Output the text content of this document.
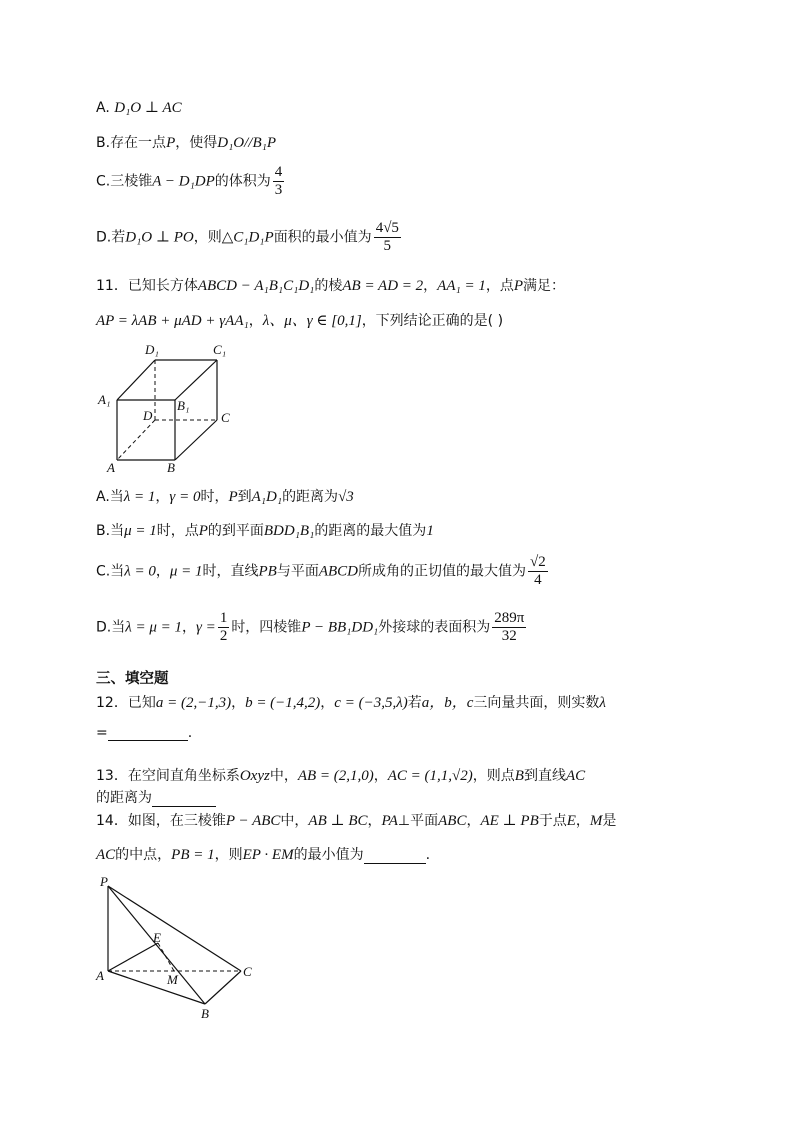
A. D₁O ⊥ AC
B.存在一点P，使得D₁O//B₁P
C.三棱锥A − D₁DP的体积为 $\frac{4}{3}$
D.若D₁O ⊥ PO，则△C₁D₁P面积的最小值为 $\frac{4√5}{5}$
11．已知长方体ABCD − A₁B₁C₁D₁的棱AB = AD = 2，AA₁ = 1，点P满足：
AP = λAB + μAD + γAA₁，λ、μ、γ ∈ [0,1]，下列结论正确的是( )
D₁	C₁
A₁	B₁
D	C
A	B
A.当λ = 1，γ = 0时，P到A₁D₁的距离为√3
B.当μ = 1时，点P的到平面BDD₁B₁的距离的最大值为1
C.当λ = 0，μ = 1时，直线PB与平面ABCD所成角的正切值的最大值为 $\frac{√2}{4}$
D.当λ = μ = 1，$\gamma = \frac{1}{2}$ 时，四棱锥P − BB₁DD₁外接球的表面积为 $\frac{289\pi}{32}$
三、填空题
12．已知a = (2,−1,3)，b = (−1,4,2)，c = (−3,5,λ)若a，b，c三向量共面，则实数λ
=	.
13．在空间直角坐标系Oxyz中，AB = (2,1,0)，AC = (1,1,√2)，则点B到直线AC
的距离为
14．如图，在三棱锥P − ABC中，AB ⊥ BC，PA⊥平面ABC，AE ⊥ PB于点E，M是
AC的中点，PB = 1，则EP · EM的最小值为	.
P
E
A	M
C
B
